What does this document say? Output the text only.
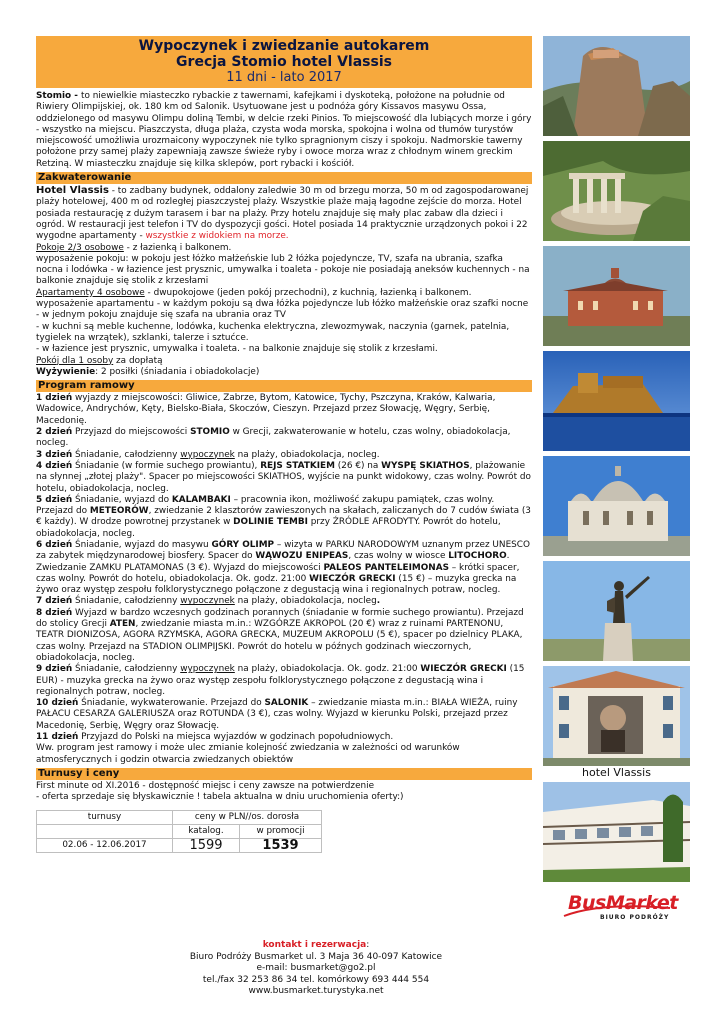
Wypoczynek i zwiedzanie autokarem
Grecja Stomio hotel Vlassis
11 dni - lato 2017

Stomio - to niewielkie miasteczko rybackie z tawernami, kafejkami i dyskoteką, położone na południe od Riwiery Olimpijskiej, ok. 180 km od Salonik. Usytuowane jest u podnóża góry Kissavos masywu Ossa, oddzielonego od masywu Olimpu doliną Tembi, w delcie rzeki Pinios. To miejscowość dla lubiących morze i góry - wszystko na miejscu. Piaszczysta, długa plaża, czysta woda morska, spokojna i wolna od tłumów turystów miejscowość umożliwia urozmaicony wypoczynek nie tylko spragnionym ciszy i spokoju. Nadmorskie tawerny położone przy samej plaży zapewniają zawsze świeże ryby i owoce morza wraz z chłodnym winem greckim Retziną. W miasteczku znajduje się kilka sklepów, port rybacki i kościół.

Zakwaterowanie

Hotel Vlassis - to zadbany budynek, oddalony zaledwie 30 m od brzegu morza, 50 m od zagospodarowanej plaży hotelowej, 400 m od rozległej piaszczystej plaży. Wszystkie plaże mają łagodne zejście do morza. Hotel posiada restaurację z dużym tarasem i bar na plaży. Przy hotelu znajduje się mały plac zabaw dla dzieci i ogród. W restauracji jest telefon i TV do dyspozycji gości. Hotel posiada 14 praktycznie urządzonych pokoi i 22 wygodne apartamenty - wszystkie z widokiem na morze.

Pokoje 2/3 osobowe - z łazienką i balkonem.

wyposażenie pokoju: w pokoju jest łóżko małżeńskie lub 2 łóżka pojedyncze, TV, szafa na ubrania, szafka nocna i lodówka - w łazience jest prysznic, umywalka i toaleta - pokoje nie posiadają aneksów kuchennych - na balkonie znajduje się stolik z krzesłami

Apartamenty 4 osobowe - dwupokojowe (jeden pokój przechodni), z kuchnią, łazienką i balkonem.

wyposażenie apartamentu - w każdym pokoju są dwa łóżka pojedyncze lub łóżko małżeńskie oraz szafki nocne - w jednym pokoju znajduje się szafa na ubrania oraz TV

- w kuchni są meble kuchenne, lodówka, kuchenka elektryczna, zlewozmywak, naczynia (garnek, patelnia, tygielek na wrzątek), szklanki, talerze i sztućce.

- w łazience jest prysznic, umywalka i toaleta. - na balkonie znajduje się stolik z krzesłami.

Pokój dla 1 osoby za dopłatą

Wyżywienie: 2 posiłki (śniadania i obiadokolacje)

Program ramowy

1 dzień wyjazdy z miejscowości: Gliwice, Zabrze, Bytom, Katowice, Tychy, Pszczyna, Kraków, Kalwaria, Wadowice, Andrychów, Kęty, Bielsko-Biała, Skoczów, Cieszyn. Przejazd przez Słowację, Węgry, Serbię, Macedonię.

2 dzień Przyjazd do miejscowości STOMIO w Grecji, zakwaterowanie w hotelu, czas wolny, obiadokolacja, nocleg.

3 dzień Śniadanie, całodzienny wypoczynek na plaży, obiadokolacja, nocleg.

4 dzień Śniadanie (w formie suchego prowiantu), REJS STATKIEM (26 €) na WYSPĘ SKIATHOS, plażowanie na słynnej „złotej plaży". Spacer po miejscowości SKIATHOS, wyjście na punkt widokowy, czas wolny. Powrót do hotelu, obiadokolacja, nocleg.

5 dzień Śniadanie, wyjazd do KALAMBAKI – pracownia ikon, możliwość zakupu pamiątek, czas wolny. Przejazd do METEORÓW, zwiedzanie 2 klasztorów zawieszonych na skałach, zaliczanych do 7 cudów świata (3 € każdy). W drodze powrotnej przystanek w DOLINIE TEMBI przy ŹRÓDLE AFRODYTY. Powrót do hotelu, obiadokolacja, nocleg.

6 dzień Śniadanie, wyjazd do masywu GÓRY OLIMP – wizyta w PARKU NARODOWYM uznanym przez UNESCO za zabytek międzynarodowej biosfery. Spacer do WĄWOZU ENIPEAS, czas wolny w wiosce LITOCHORO. Zwiedzanie ZAMKU PLATAMONAS (3 €). Wyjazd do miejscowości PALEOS PANTELEIMONAS – krótki spacer, czas wolny. Powrót do hotelu, obiadokolacja. Ok. godz. 21:00 WIECZÓR GRECKI (15 €) – muzyka grecka na żywo oraz występ zespołu folklorystycznego połączone z degustacją wina i regionalnych potraw, nocleg.

7 dzień Śniadanie, całodzienny wypoczynek na plaży, obiadokolacja, nocleg.

8 dzień Wyjazd w bardzo wczesnych godzinach porannych (śniadanie w formie suchego prowiantu). Przejazd do stolicy Grecji ATEN, zwiedzanie miasta m.in.: WZGÓRZE AKROPOL (20 €) wraz z ruinami PARTENONU, TEATR DIONIZOSA, AGORA RZYMSKA, AGORA GRECKA, MUZEUM AKROPOLU (5 €), spacer po dzielnicy PLAKA, czas wolny. Przejazd na STADION OLIMPIJSKI. Powrót do hotelu w późnych godzinach wieczornych, obiadokolacja, nocleg.

9 dzień Śniadanie, całodzienny wypoczynek na plaży, obiadokolacja. Ok. godz. 21:00 WIECZÓR GRECKI (15 EUR) - muzyka grecka na żywo oraz występ zespołu folklorystycznego połączone z degustacją wina i regionalnych potraw, nocleg.

10 dzień Śniadanie, wykwaterowanie. Przejazd do SALONIK – zwiedzanie miasta m.in.: BIAŁA WIEŻA, ruiny PAŁACU CESARZA GALERIUSZA oraz ROTUNDA (3 €), czas wolny. Wyjazd w kierunku Polski, przejazd przez Macedonię, Serbię, Węgry oraz Słowację.

11 dzień Przyjazd do Polski na miejsca wyjazdów w godzinach popołudniowych.

Ww. program jest ramowy i może ulec zmianie kolejność zwiedzania w zależności od warunków atmosferycznych i godzin otwarcia zwiedzanych obiektów

Turnusy i ceny

First minute od XI.2016 - dostępność miejsc i ceny zawsze na potwierdzenie

- oferta sprzedaje się błyskawicznie ! tabela aktualna w dniu uruchomienia oferty:)

turnusy	ceny w PLN//os. dorosła	
	katalog.	w promocji
02.06 - 12.06.2017	1599	1539
kontakt i rezerwacja:
Biuro Podróży Busmarket ul. 3 Maja 36 40-097 Katowice
e-mail: busmarket@go2.pl
tel./fax 32 253 86 34 tel. komórkowy 693 444 554
www.busmarket.turystyka.net
hotel Vlassis
BusMarket
BIURO PODRÓŻY
